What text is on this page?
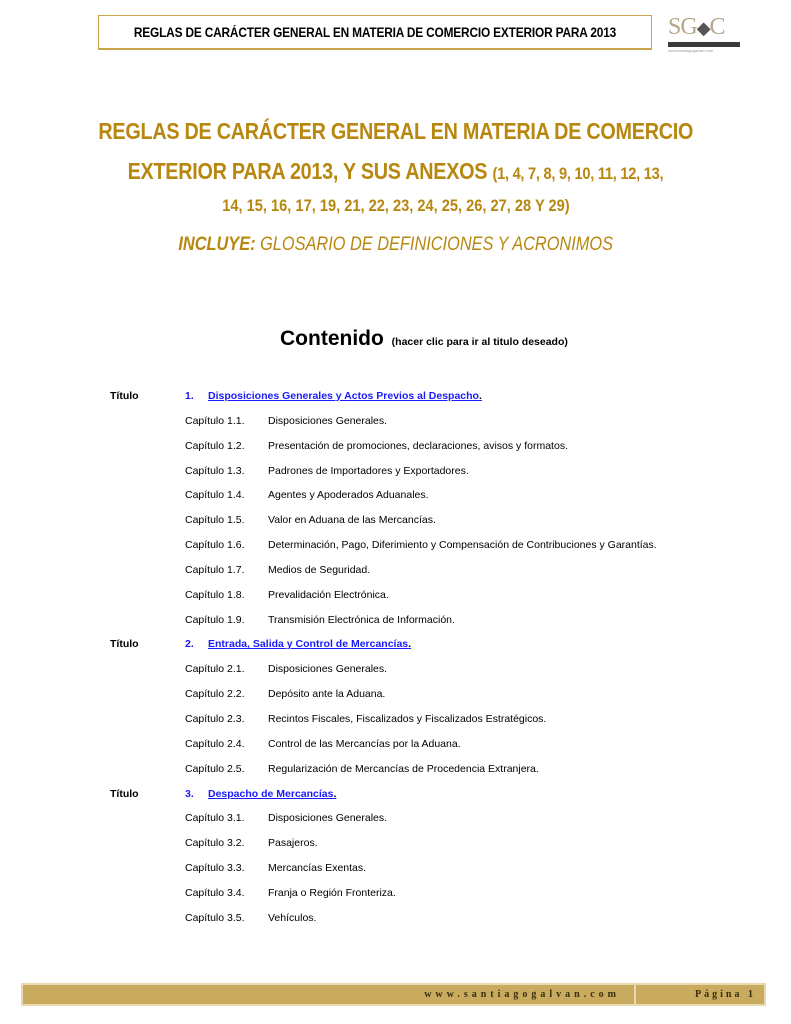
REGLAS DE CARÁCTER GENERAL EN MATERIA DE COMERCIO EXTERIOR PARA 2013 SG◆C
www.santiagogalvan.com
REGLAS DE CARÁCTER GENERAL EN MATERIA DE COMERCIO
EXTERIOR PARA 2013, Y SUS ANEXOS (1, 4, 7, 8, 9, 10, 11, 12, 13,
14, 15, 16, 17, 19, 21, 22, 23, 24, 25, 26, 27, 28 Y 29)
INCLUYE: GLOSARIO DE DEFINICIONES Y ACRONIMOS
Contenido (hacer clic para ir al titulo deseado)
Título	1. Disposiciones Generales y Actos Previos al Despacho.
Capítulo 1.1. Disposiciones Generales.
Capítulo 1.2. Presentación de promociones, declaraciones, avisos y formatos.
Capítulo 1.3. Padrones de Importadores y Exportadores.
Capítulo 1.4. Agentes y Apoderados Aduanales.
Capítulo 1.5. Valor en Aduana de las Mercancías.
Capítulo 1.6. Determinación, Pago, Diferimiento y Compensación de Contribuciones y Garantías.
Capítulo 1.7. Medios de Seguridad.
Capítulo 1.8. Prevalidación Electrónica.
Capítulo 1.9. Transmisión Electrónica de Información.
Título	2. Entrada, Salida y Control de Mercancías.
Capítulo 2.1. Disposiciones Generales.
Capítulo 2.2. Depósito ante la Aduana.
Capítulo 2.3. Recintos Fiscales, Fiscalizados y Fiscalizados Estratégicos.
Capítulo 2.4. Control de las Mercancías por la Aduana.
Capítulo 2.5. Regularización de Mercancías de Procedencia Extranjera.
Título	3. Despacho de Mercancías.
Capítulo 3.1. Disposiciones Generales.
Capítulo 3.2. Pasajeros.
Capítulo 3.3. Mercancías Exentas.
Capítulo 3.4. Franja o Región Fronteriza.
Capítulo 3.5. Vehículos.
www.santiagogalvan.com	Página 1
